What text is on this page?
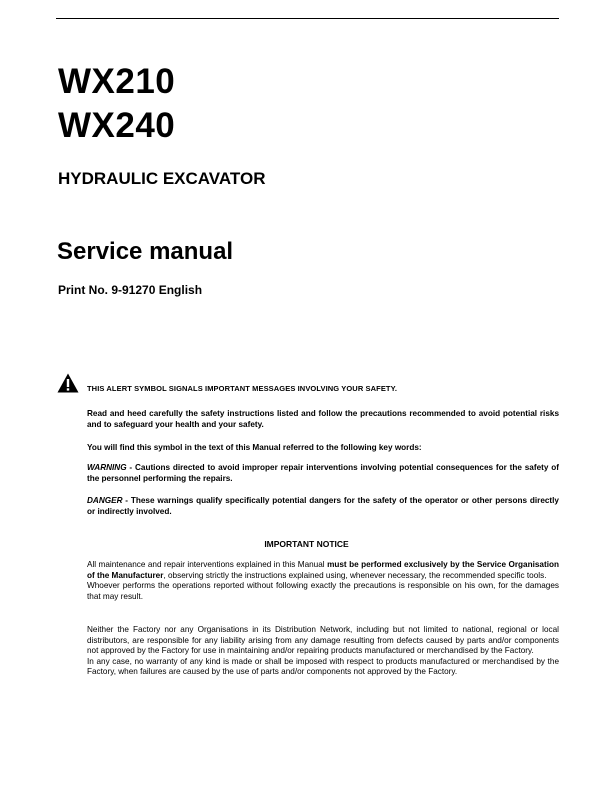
WX210
WX240
HYDRAULIC EXCAVATOR
Service manual
Print No. 9-91270 English
THIS ALERT SYMBOL SIGNALS IMPORTANT MESSAGES INVOLVING YOUR SAFETY.
Read and heed carefully the safety instructions listed and follow the precautions recommended to avoid potential risks and to safeguard your health and your safety.
You will find this symbol in the text of this Manual referred to the following key words:
WARNING - Cautions directed to avoid improper repair interventions involving potential consequences for the safety of the personnel performing the repairs.
DANGER - These warnings qualify specifically potential dangers for the safety of the operator or other persons directly or indirectly involved.
IMPORTANT NOTICE
All maintenance and repair interventions explained in this Manual must be performed exclusively by the Service Organisation of the Manufacturer, observing strictly the instructions explained using, whenever necessary, the recommended specific tools.
Whoever performs the operations reported without following exactly the precautions is responsible on his own, for the damages that may result.
Neither the Factory nor any Organisations in its Distribution Network, including but not limited to national, regional or local distributors, are responsible for any liability arising from any damage resulting from defects caused by parts and/or components not approved by the Factory for use in maintaining and/or repairing products manufactured or merchandised by the Factory.
In any case, no warranty of any kind is made or shall be imposed with respect to products manufactured or merchandised by the Factory, when failures are caused by the use of parts and/or components not approved by the Factory.
